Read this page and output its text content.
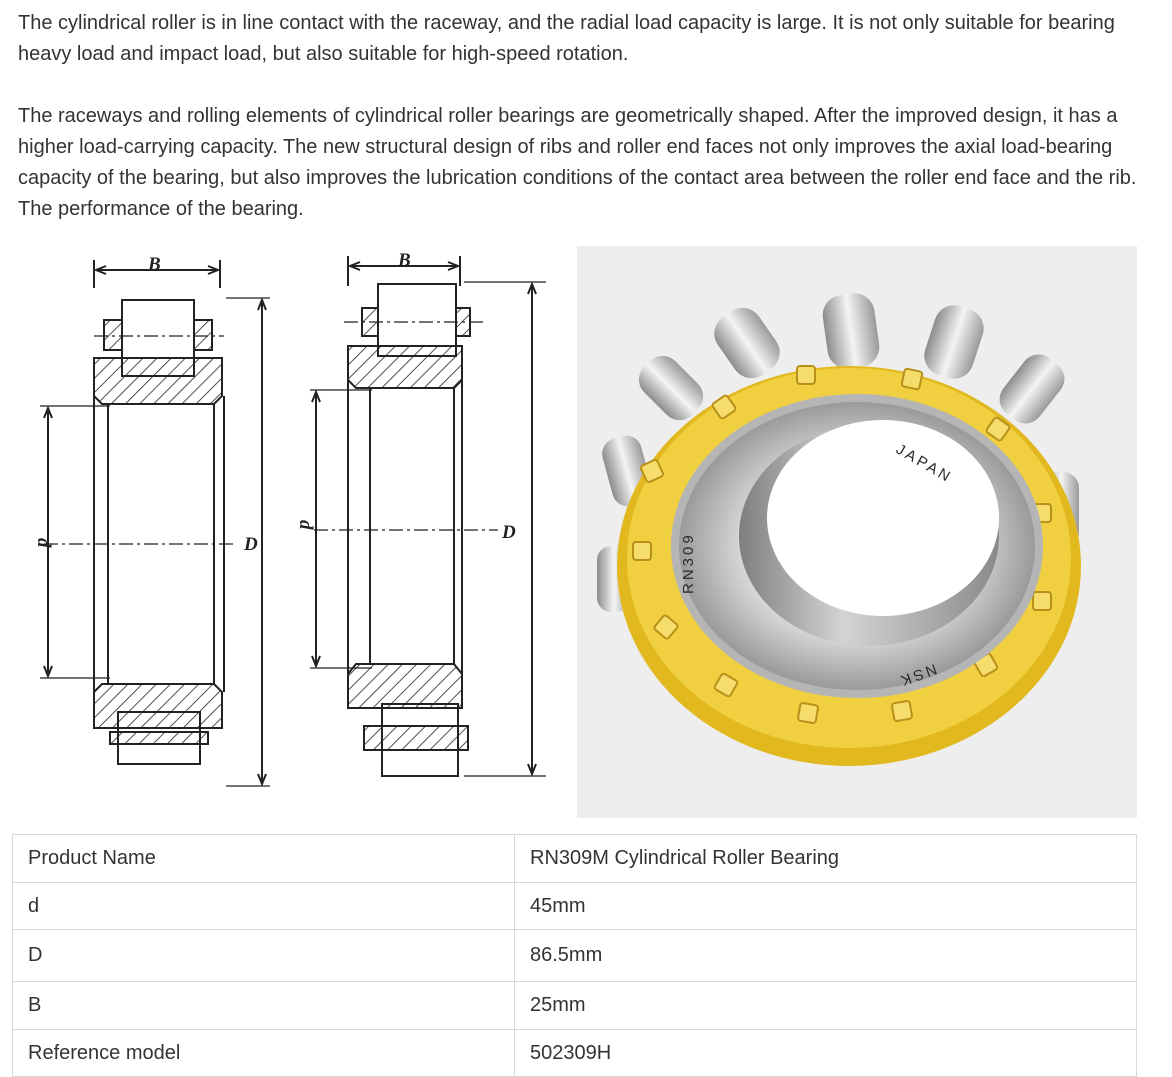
The cylindrical roller is in line contact with the raceway, and the radial load capacity is large. It is not only suitable for bearing heavy load and impact load, but also suitable for high-speed rotation.

The raceways and rolling elements of cylindrical roller bearings are geometrically shaped. After the improved design, it has a higher load-carrying capacity. The new structural design of ribs and roller end faces not only improves the axial load-bearing capacity of the bearing, but also improves the lubrication conditions of the contact area between the roller end face and the rib. The performance of the bearing.

B
d	D
B
d	D
JAPAN
RN309
NSK
Product Name	RN309M Cylindrical Roller Bearing
d	45mm
D	86.5mm
B	25mm
Reference model	502309H
